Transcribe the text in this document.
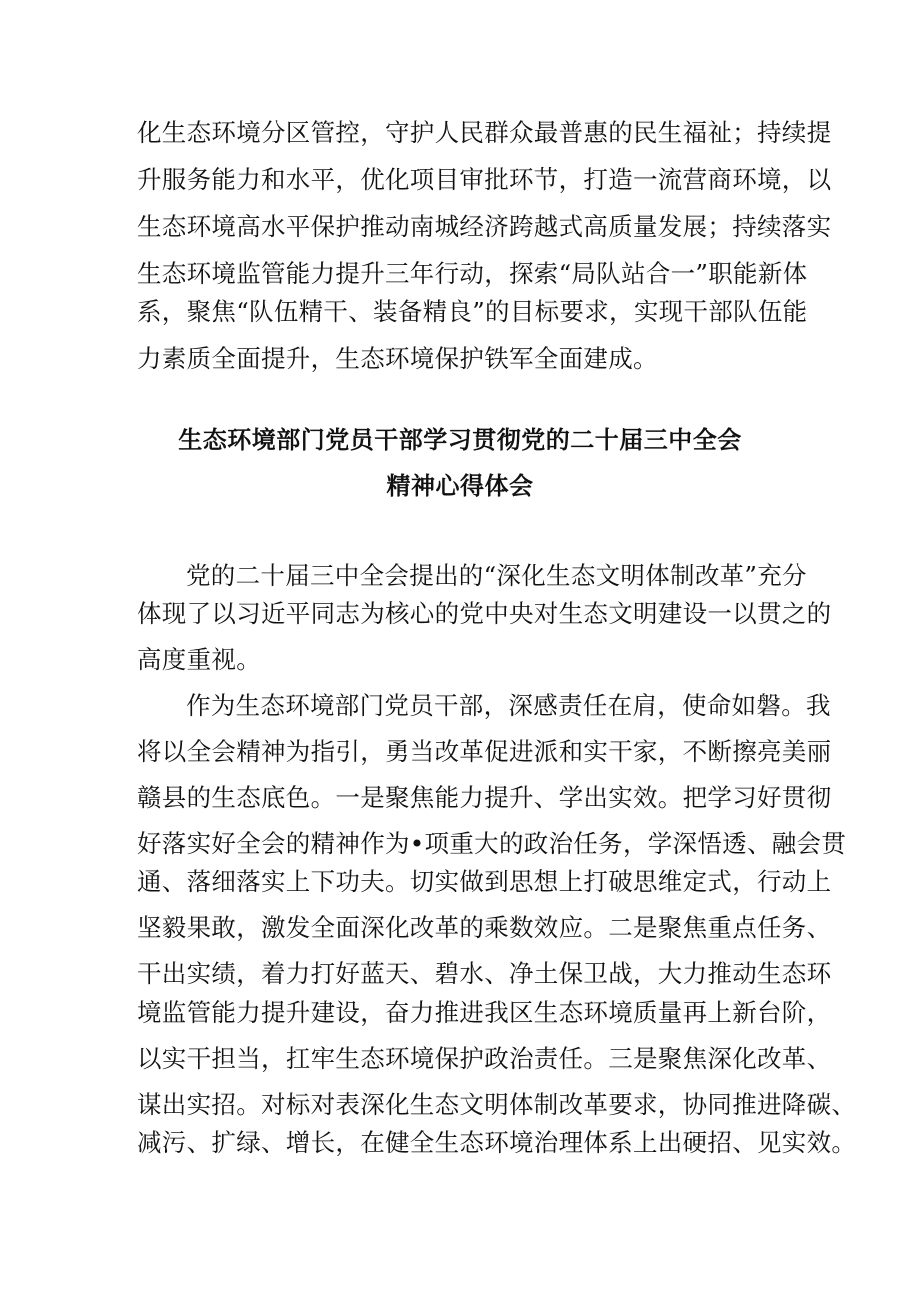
化生态环境分区管控，守护人民群众最普惠的民生福祉；持续提
升服务能力和水平，优化项目审批环节，打造一流营商环境，以
生态环境高水平保护推动南城经济跨越式高质量发展；持续落实
生态环境监管能力提升三年行动，探索“局队站合一”职能新体
系，聚焦“队伍精干、装备精良”的目标要求，实现干部队伍能
力素质全面提升，生态环境保护铁军全面建成。
生态环境部门党员干部学习贯彻党的二十届三中全会
精神心得体会
党的二十届三中全会提出的“深化生态文明体制改革”充分
体现了以习近平同志为核心的党中央对生态文明建设一以贯之的
高度重视。
作为生态环境部门党员干部，深感责任在肩，使命如磐。我
将以全会精神为指引，勇当改革促进派和实干家，不断擦亮美丽
赣县的生态底色。一是聚焦能力提升、学出实效。把学习好贯彻
好落实好全会的精神作为•项重大的政治任务，学深悟透、融会贯
通、落细落实上下功夫。切实做到思想上打破思维定式，行动上
坚毅果敢，激发全面深化改革的乘数效应。二是聚焦重点任务、
干出实绩，着力打好蓝天、碧水、净土保卫战，大力推动生态环
境监管能力提升建设，奋力推进我区生态环境质量再上新台阶，
以实干担当，扛牢生态环境保护政治责任。三是聚焦深化改革、
谋出实招。对标对表深化生态文明体制改革要求，协同推进降碳、
减污、扩绿、增长，在健全生态环境治理体系上出硬招、见实效。
